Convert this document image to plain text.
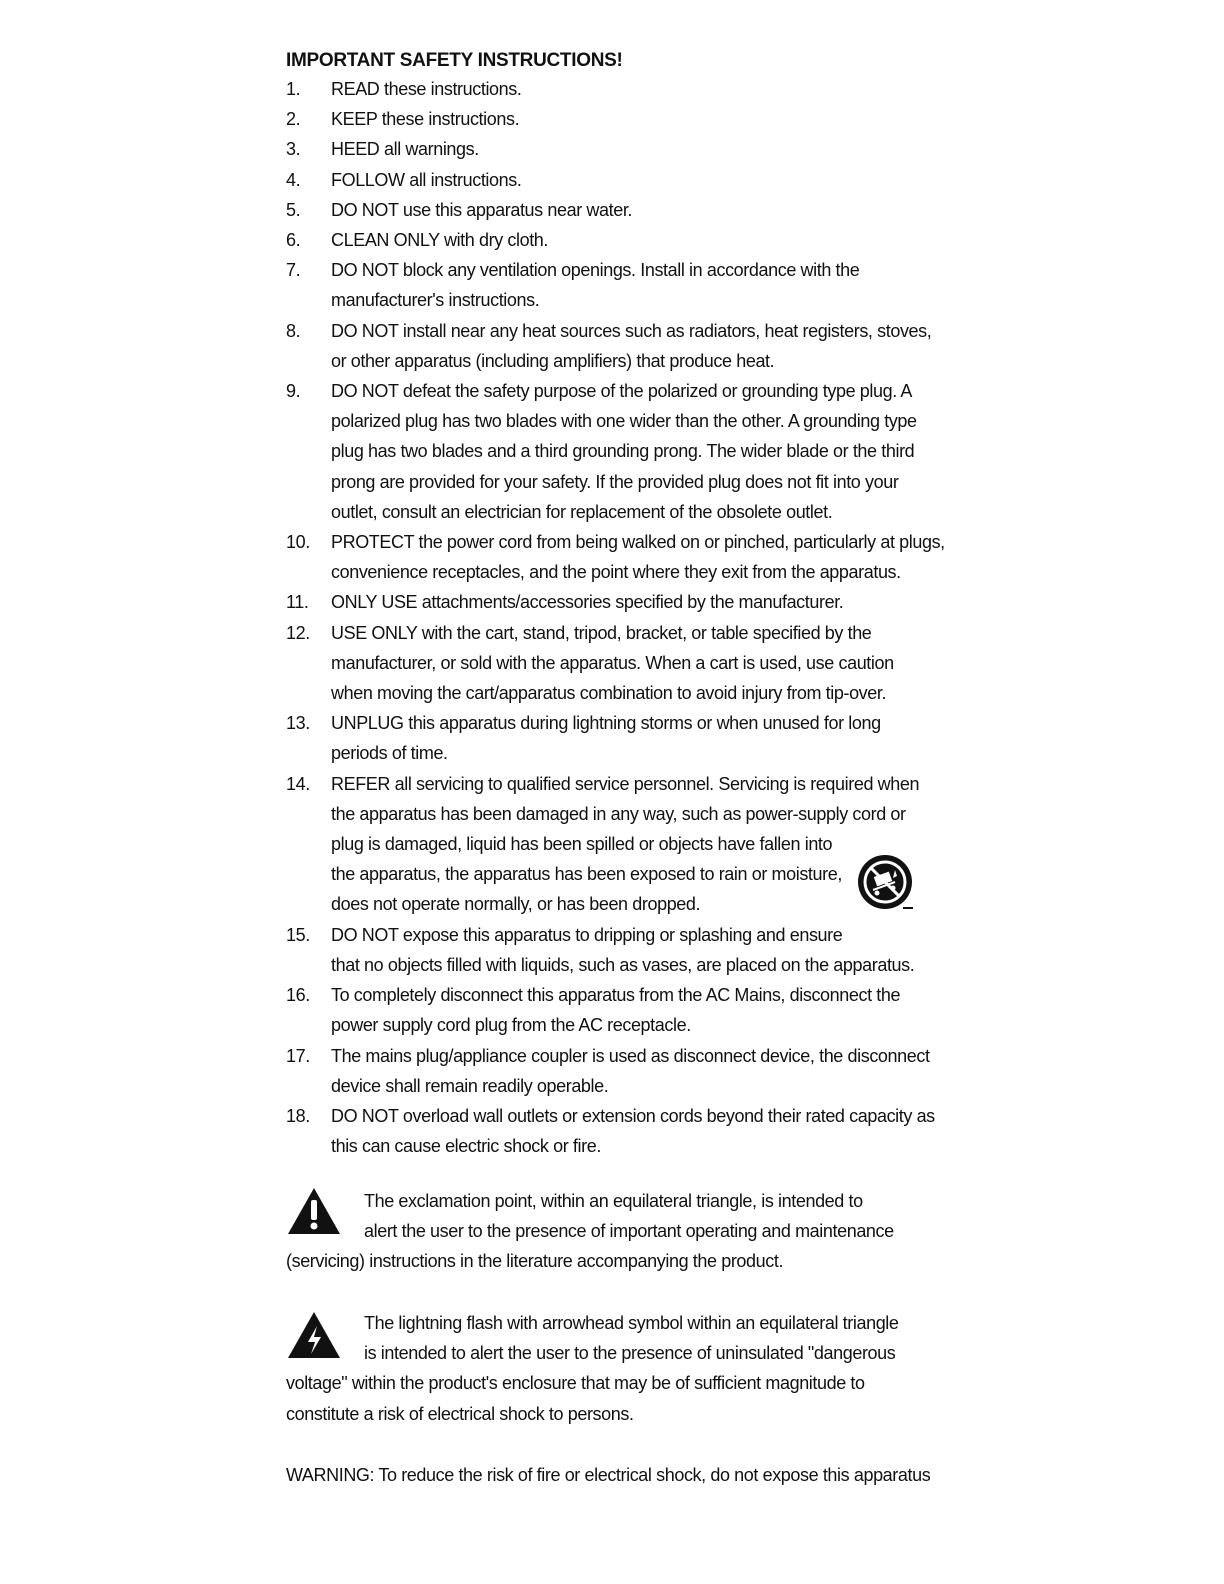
IMPORTANT SAFETY INSTRUCTIONS!
1.	READ these instructions.
2.	KEEP these instructions.
3.	HEED all warnings.
4.	FOLLOW all instructions.
5.	DO NOT use this apparatus near water.
6.	CLEAN ONLY with dry cloth.
7.	DO NOT block any ventilation openings. Install in accordance with the
manufacturer's instructions.
8.	DO NOT install near any heat sources such as radiators, heat registers, stoves,
or other apparatus (including amplifiers) that produce heat.
9.	DO NOT defeat the safety purpose of the polarized or grounding type plug. A
polarized plug has two blades with one wider than the other. A grounding type
plug has two blades and a third grounding prong. The wider blade or the third
prong are provided for your safety. If the provided plug does not fit into your
outlet, consult an electrician for replacement of the obsolete outlet.
10.	PROTECT the power cord from being walked on or pinched, particularly at plugs,
convenience receptacles, and the point where they exit from the apparatus.
11.	ONLY USE attachments/accessories specified by the manufacturer.
12.	USE ONLY with the cart, stand, tripod, bracket, or table specified by the
manufacturer, or sold with the apparatus. When a cart is used, use caution
when moving the cart/apparatus combination to avoid injury from tip-over.
13.	UNPLUG this apparatus during lightning storms or when unused for long
periods of time.
14.	REFER all servicing to qualified service personnel. Servicing is required when
the apparatus has been damaged in any way, such as power-supply cord or
plug is damaged, liquid has been spilled or objects have fallen into
the apparatus, the apparatus has been exposed to rain or moisture,
does not operate normally, or has been dropped.
15.	DO NOT expose this apparatus to dripping or splashing and ensure
that no objects filled with liquids, such as vases, are placed on the apparatus.
16.	To completely disconnect this apparatus from the AC Mains, disconnect the
power supply cord plug from the AC receptacle.
17.	The mains plug/appliance coupler is used as disconnect device, the disconnect
device shall remain readily operable.
18.	DO NOT overload wall outlets or extension cords beyond their rated capacity as
this can cause electric shock or fire.
The exclamation point, within an equilateral triangle, is intended to
alert the user to the presence of important operating and maintenance
(servicing) instructions in the literature accompanying the product.
The lightning flash with arrowhead symbol within an equilateral triangle
is intended to alert the user to the presence of uninsulated "dangerous
voltage" within the product's enclosure that may be of sufficient magnitude to
constitute a risk of electrical shock to persons.
WARNING: To reduce the risk of fire or electrical shock, do not expose this apparatus
